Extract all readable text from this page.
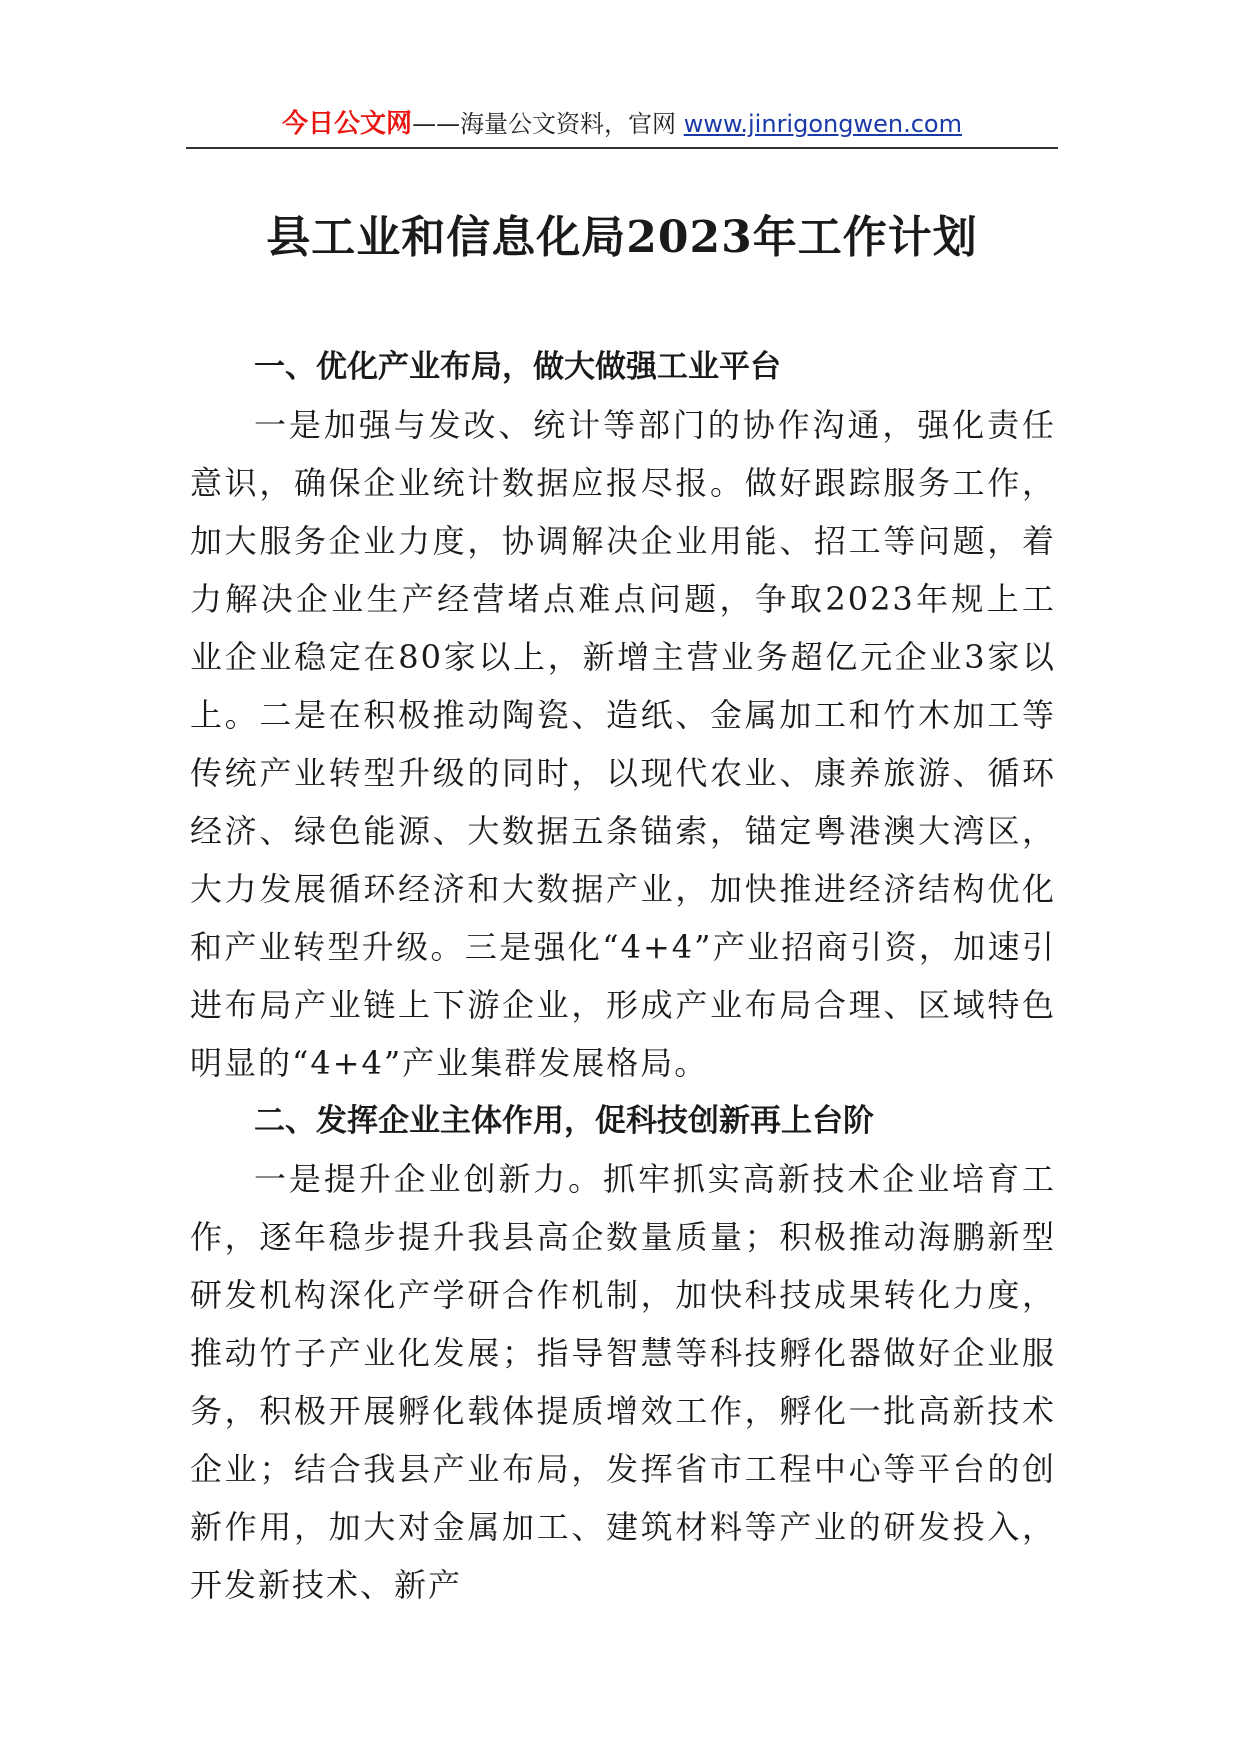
今日公文网——海量公文资料，官网 www.jinrigongwen.com
县工业和信息化局2023年工作计划

一、优化产业布局，做大做强工业平台

一是加强与发改、统计等部门的协作沟通，强化责任意识，确保企业统计数据应报尽报。做好跟踪服务工作，加大服务企业力度，协调解决企业用能、招工等问题，着力解决企业生产经营堵点难点问题，争取2023年规上工业企业稳定在80家以上，新增主营业务超亿元企业3家以上。二是在积极推动陶瓷、造纸、金属加工和竹木加工等传统产业转型升级的同时，以现代农业、康养旅游、循环经济、绿色能源、大数据五条锚索，锚定粤港澳大湾区，大力发展循环经济和大数据产业，加快推进经济结构优化和产业转型升级。三是强化“4+4”产业招商引资，加速引进布局产业链上下游企业，形成产业布局合理、区域特色明显的“4+4”产业集群发展格局。

二、发挥企业主体作用，促科技创新再上台阶

一是提升企业创新力。抓牢抓实高新技术企业培育工作，逐年稳步提升我县高企数量质量；积极推动海鹏新型研发机构深化产学研合作机制，加快科技成果转化力度，推动竹子产业化发展；指导智慧等科技孵化器做好企业服务，积极开展孵化载体提质增效工作，孵化一批高新技术企业；结合我县产业布局，发挥省市工程中心等平台的创新作用，加大对金属加工、建筑材料等产业的研发投入，开发新技术、新产
